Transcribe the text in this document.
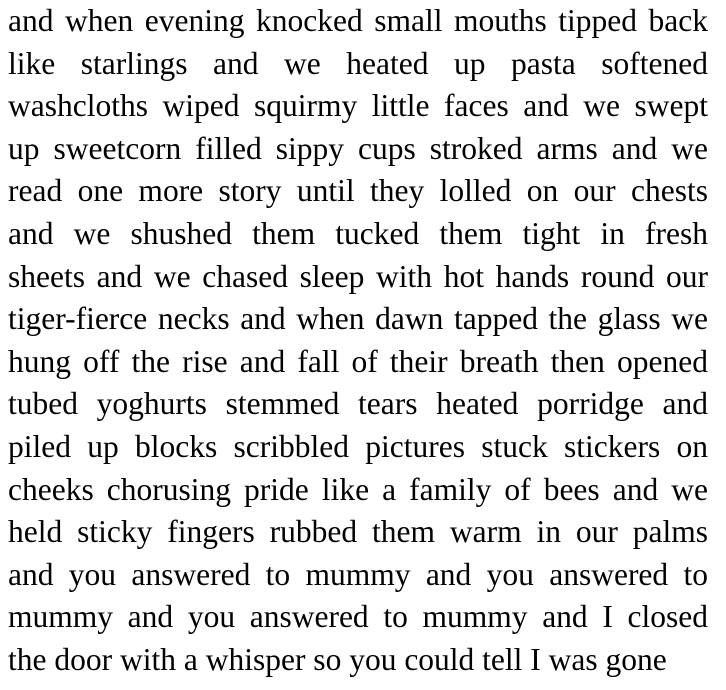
and when evening knocked small mouths tipped back
like starlings and we heated up pasta softened
washcloths wiped squirmy little faces and we swept
up sweetcorn filled sippy cups stroked arms and we
read one more story until they lolled on our chests
and we shushed them tucked them tight in fresh
sheets and we chased sleep with hot hands round our
tiger-fierce necks and when dawn tapped the glass we
hung off the rise and fall of their breath then opened
tubed yoghurts stemmed tears heated porridge and
piled up blocks scribbled pictures stuck stickers on
cheeks chorusing pride like a family of bees and we
held sticky fingers rubbed them warm in our palms
and you answered to mummy and you answered to
mummy and you answered to mummy and I closed
the door with a whisper so you could tell I was gone
